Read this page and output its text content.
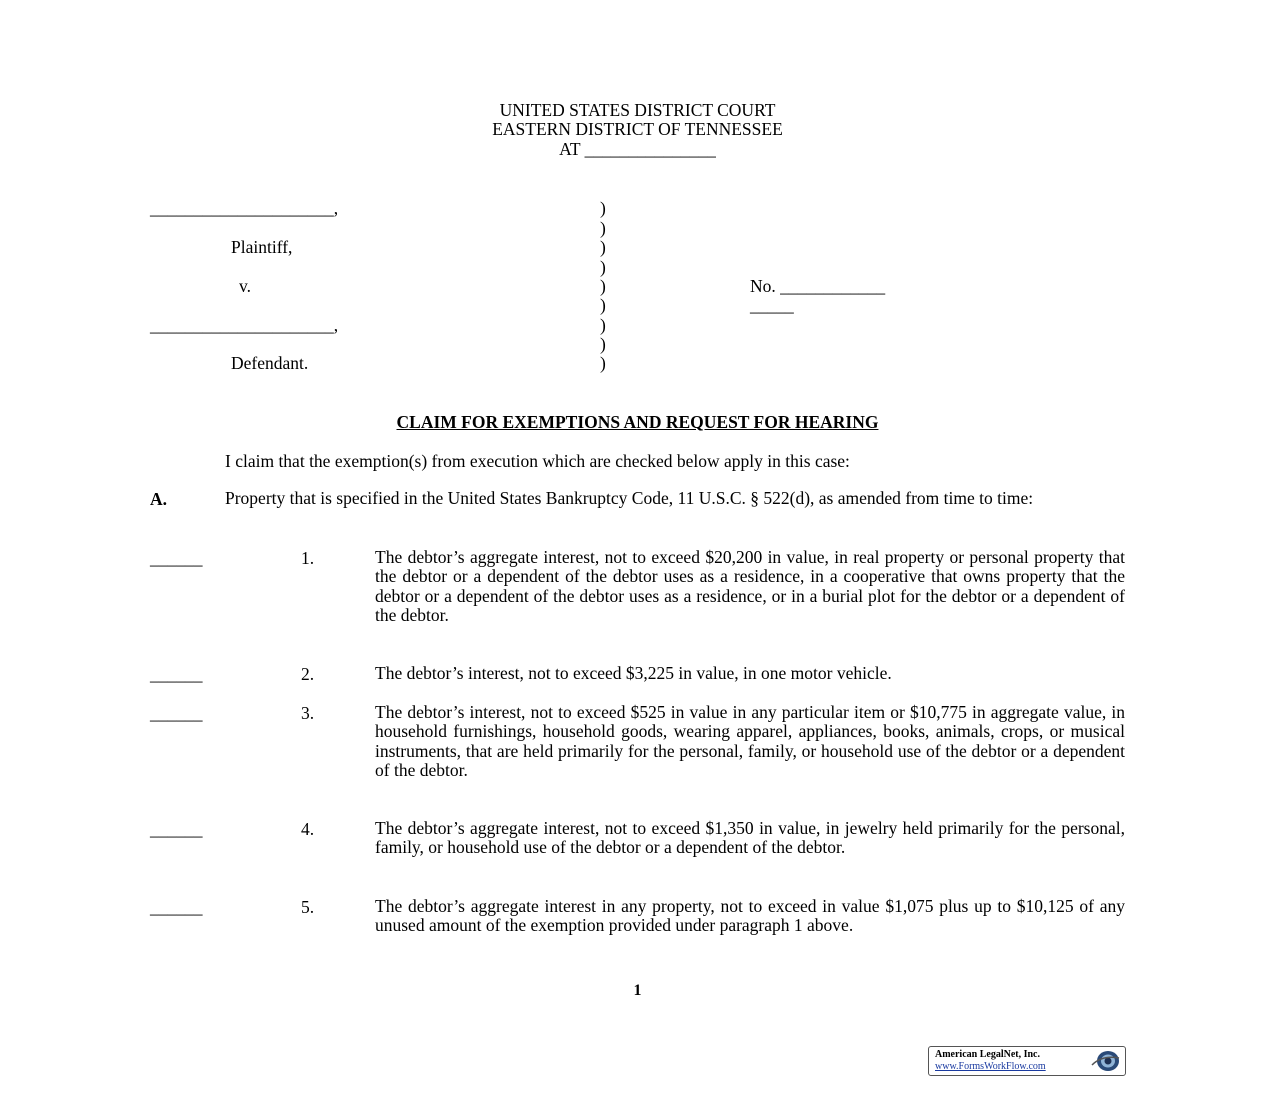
UNITED STATES DISTRICT COURT
EASTERN DISTRICT OF TENNESSEE
AT _______________
_____________________,
Plaintiff,
v.
_____________________,
Defendant.
)
)
)
)
)
)
)
)
)
No. ____________
_____
CLAIM FOR EXEMPTIONS AND REQUEST FOR HEARING
I claim that the exemption(s) from execution which are checked below apply in this case:
A.	Property that is specified in the United States Bankruptcy Code, 11 U.S.C. § 522(d), as amended from time to time:
______	1.	The debtor’s aggregate interest, not to exceed $20,200 in value, in real property or personal property that the debtor or a dependent of the debtor uses as a residence, in a cooperative that owns property that the debtor or a dependent of the debtor uses as a residence, or in a burial plot for the debtor or a dependent of the debtor.
______	2.	The debtor’s interest, not to exceed $3,225 in value, in one motor vehicle.
______	3.	The debtor’s interest, not to exceed $525 in value in any particular item or $10,775 in aggregate value, in household furnishings, household goods, wearing apparel, appliances, books, animals, crops, or musical instruments, that are held primarily for the personal, family, or household use of the debtor or a dependent of the debtor.
______	4.	The debtor’s aggregate interest, not to exceed $1,350 in value, in jewelry held primarily for the personal, family, or household use of the debtor or a dependent of the debtor.
______	5.	The debtor’s aggregate interest in any property, not to exceed in value $1,075 plus up to $10,125 of any unused amount of the exemption provided under paragraph 1 above.
1
American LegalNet, Inc.
www.FormsWorkFlow.com
